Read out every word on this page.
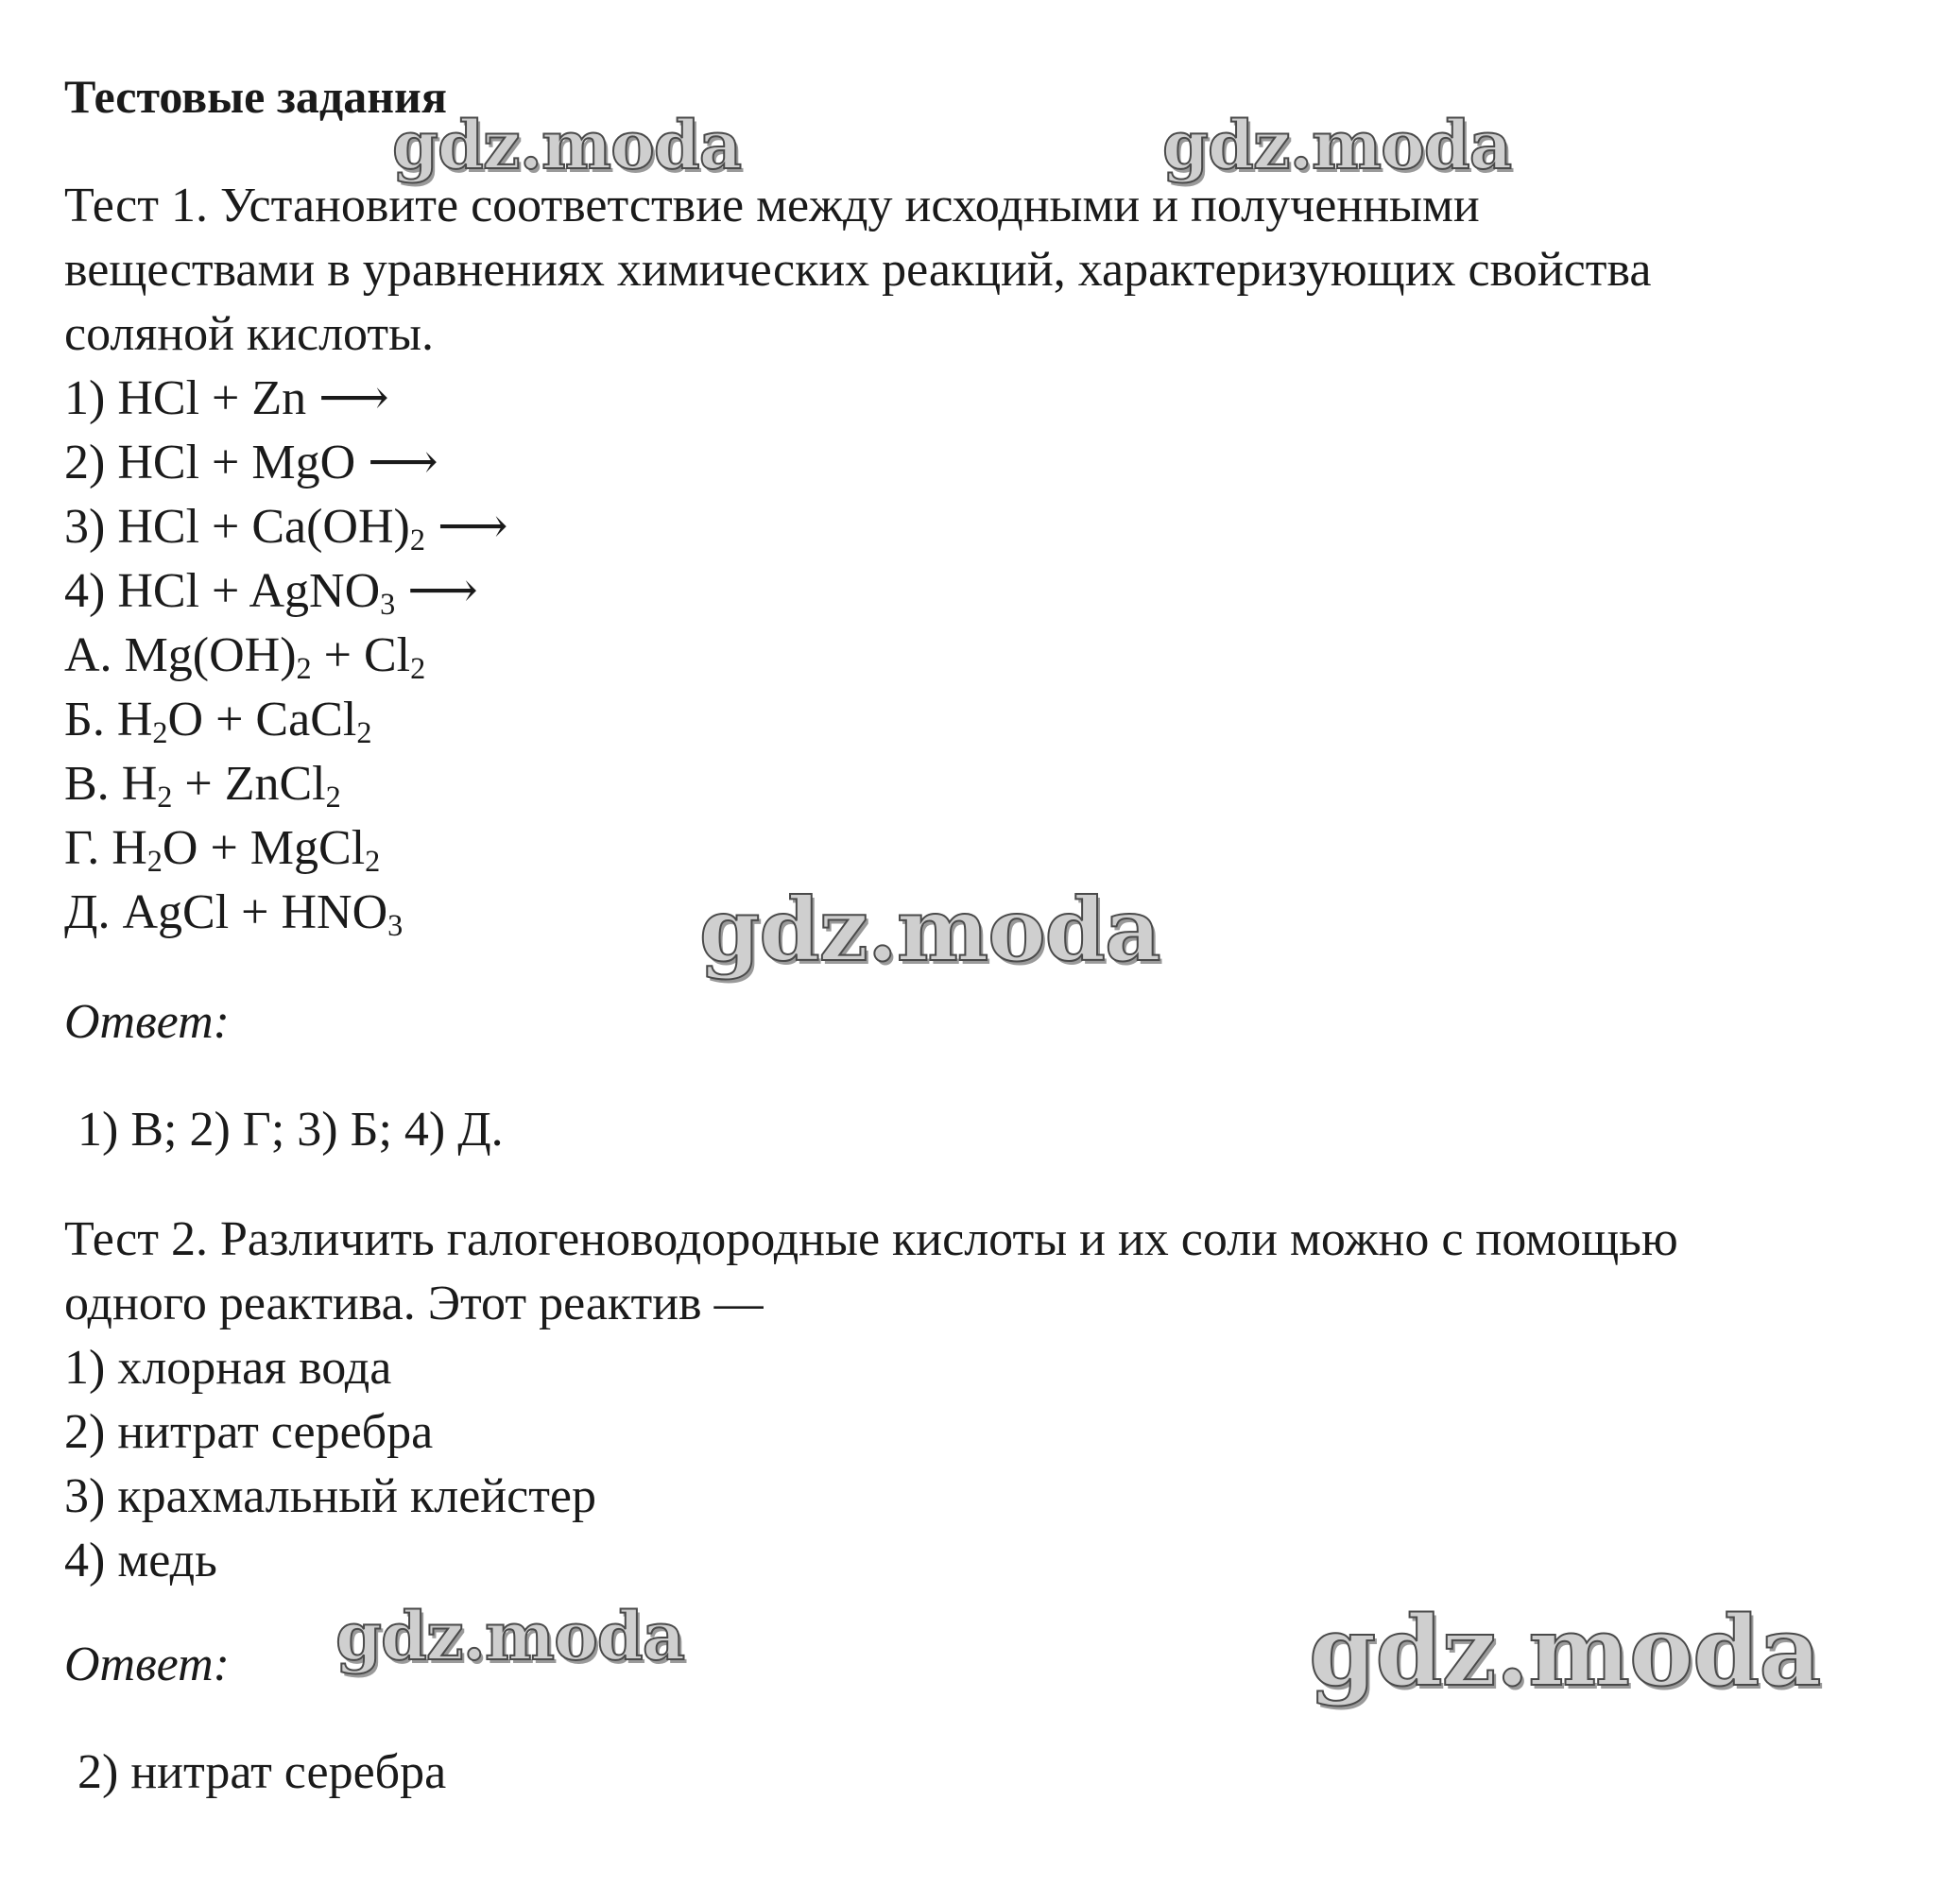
Тестовые задания
Тест 1. Установите соответствие между исходными и полученными
веществами в уравнениях химических реакций, характеризующих свойства
соляной кислоты.
1) HCl + Zn ⟶
2) HCl + MgO ⟶
3) HCl + $Ca(OH)_2$ ⟶
4) HCl + AgNO$_3$ ⟶
А. $Mg(OH)_2 + Cl_2$
Б. $H_2O$ + CaCl$_2$
В. $H_2$ + ZnCl$_2$
Г. $H_2O$ + MgCl$_2$
Д. AgCl + $HNO_3$
Ответ:
1) В; 2) Г; 3) Б; 4) Д.
Тест 2. Различить галогеноводородные кислоты и их соли можно с помощью
одного реактива. Этот реактив —
1) хлорная вода
2) нитрат серебра
3) крахмальный клейстер
4) медь
Ответ:
2) нитрат серебра
gdz.moda	gdz.moda
gdz.moda
gdz.moda	gdz.moda
